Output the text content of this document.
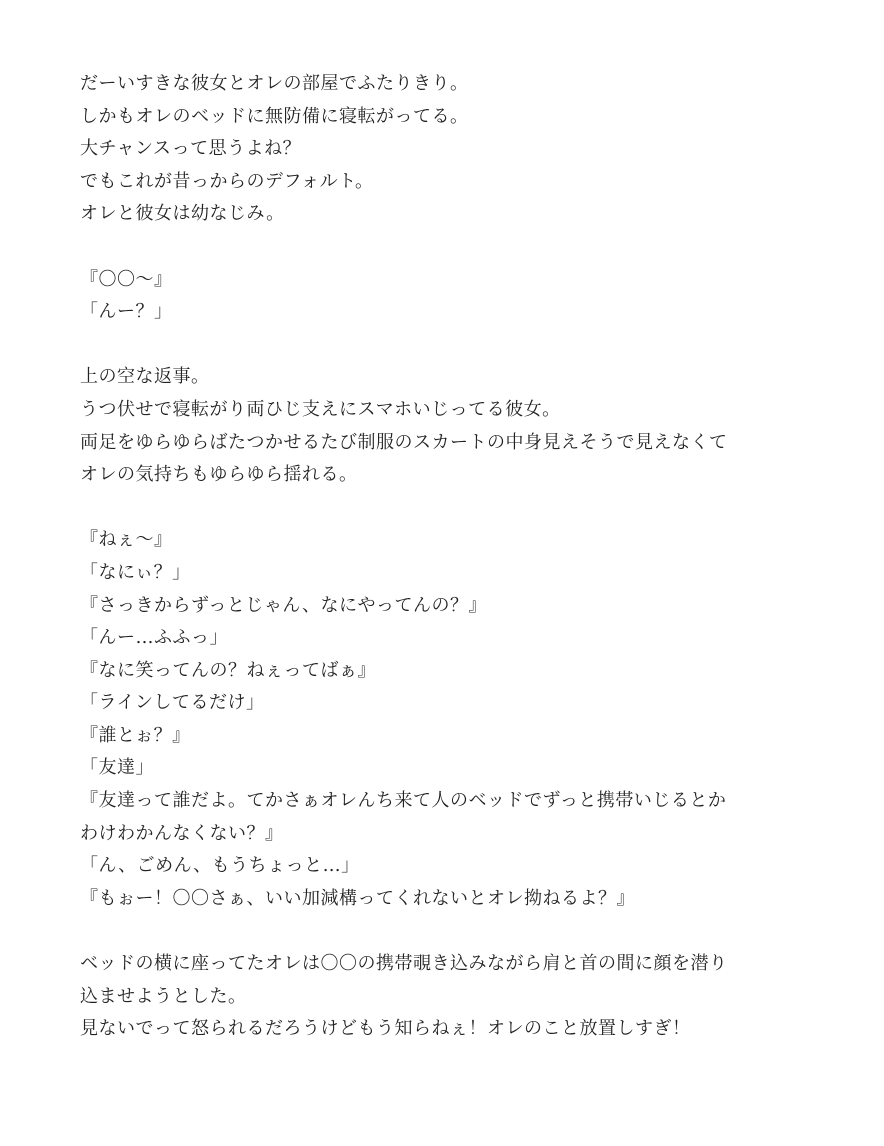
だーいすきな彼女とオレの部屋でふたりきり。
しかもオレのベッドに無防備に寝転がってる。
大チャンスって思うよね？
でもこれが昔っからのデフォルト。
オレと彼女は幼なじみ。
『〇〇〜』
「んー？」
上の空な返事。
うつ伏せで寝転がり両ひじ支えにスマホいじってる彼女。
両足をゆらゆらばたつかせるたび制服のスカートの中身見えそうで見えなくて
オレの気持ちもゆらゆら揺れる。
『ねぇ〜』
「なにぃ？」
『さっきからずっとじゃん、なにやってんの？』
「んー…ふふっ」
『なに笑ってんの？ねぇってばぁ』
「ラインしてるだけ」
『誰とぉ？』
「友達」
『友達って誰だよ。てかさぁオレんち来て人のベッドでずっと携帯いじるとか
わけわかんなくない？』
「ん、ごめん、もうちょっと…」
『もぉー！〇〇さぁ、いい加減構ってくれないとオレ拗ねるよ？』
ベッドの横に座ってたオレは〇〇の携帯覗き込みながら肩と首の間に顔を潜り
込ませようとした。
見ないでって怒られるだろうけどもう知らねぇ！オレのこと放置しすぎ！
